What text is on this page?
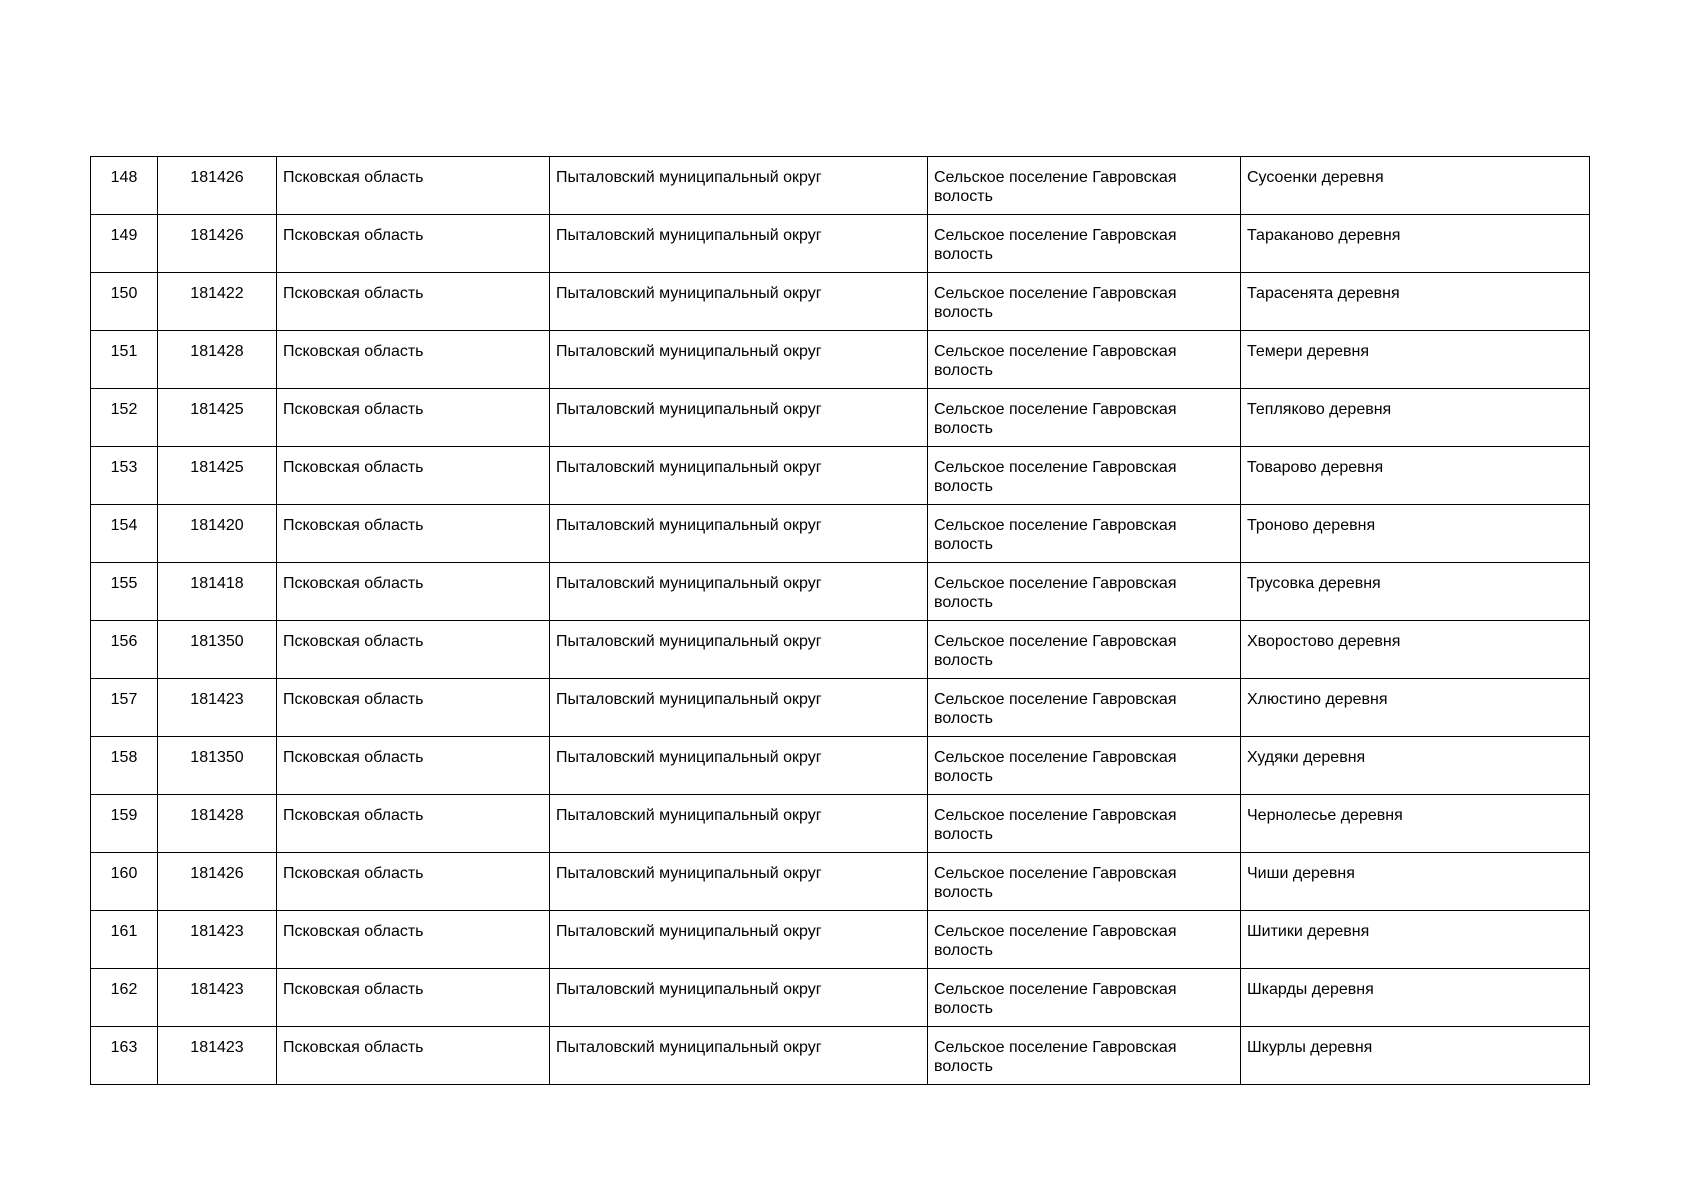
148	181426	Псковская область	Пыталовский муниципальный округ	Сельское поселение Гавровская волость	Сусоенки деревня
149	181426	Псковская область	Пыталовский муниципальный округ	Сельское поселение Гавровская волость	Тараканово деревня
150	181422	Псковская область	Пыталовский муниципальный округ	Сельское поселение Гавровская волость	Тарасенята деревня
151	181428	Псковская область	Пыталовский муниципальный округ	Сельское поселение Гавровская волость	Темери деревня
152	181425	Псковская область	Пыталовский муниципальный округ	Сельское поселение Гавровская волость	Тепляково деревня
153	181425	Псковская область	Пыталовский муниципальный округ	Сельское поселение Гавровская волость	Товарово деревня
154	181420	Псковская область	Пыталовский муниципальный округ	Сельское поселение Гавровская волость	Троново деревня
155	181418	Псковская область	Пыталовский муниципальный округ	Сельское поселение Гавровская волость	Трусовка деревня
156	181350	Псковская область	Пыталовский муниципальный округ	Сельское поселение Гавровская волость	Хворостово деревня
157	181423	Псковская область	Пыталовский муниципальный округ	Сельское поселение Гавровская волость	Хлюстино деревня
158	181350	Псковская область	Пыталовский муниципальный округ	Сельское поселение Гавровская волость	Худяки деревня
159	181428	Псковская область	Пыталовский муниципальный округ	Сельское поселение Гавровская волость	Чернолесье деревня
160	181426	Псковская область	Пыталовский муниципальный округ	Сельское поселение Гавровская волость	Чиши деревня
161	181423	Псковская область	Пыталовский муниципальный округ	Сельское поселение Гавровская волость	Шитики деревня
162	181423	Псковская область	Пыталовский муниципальный округ	Сельское поселение Гавровская волость	Шкарды деревня
163	181423	Псковская область	Пыталовский муниципальный округ	Сельское поселение Гавровская волость	Шкурлы деревня
